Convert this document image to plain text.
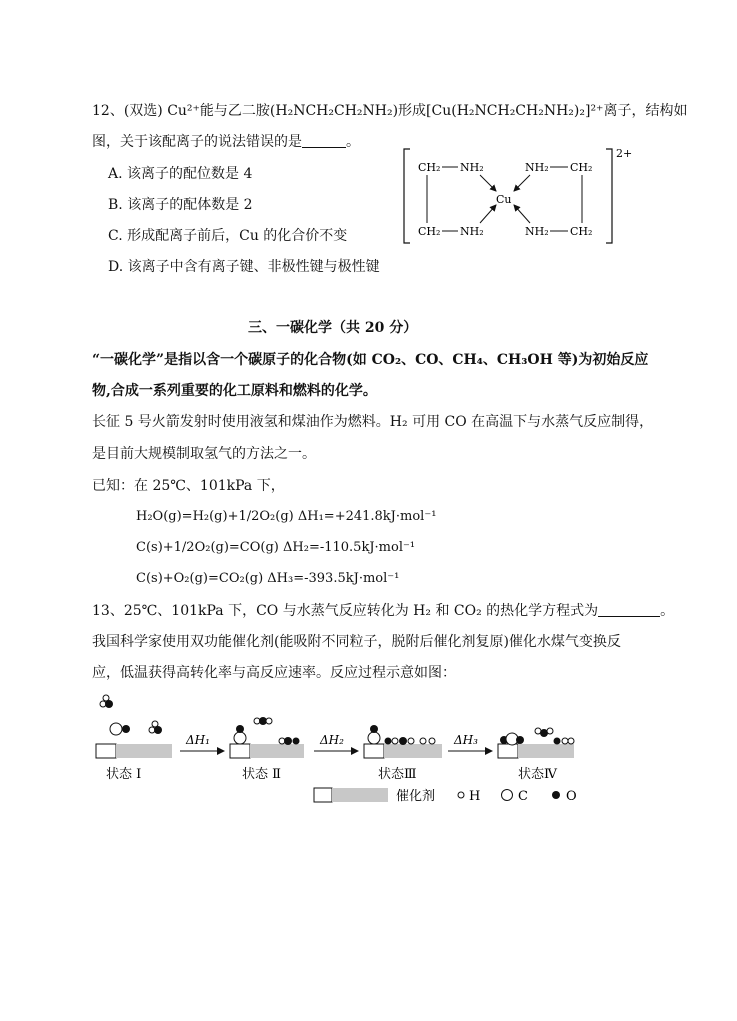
12、(双选) Cu²⁺能与乙二胺(H₂NCH₂CH₂NH₂)形成[Cu(H₂NCH₂CH₂NH₂)₂]²⁺离子，结构如
图，关于该配离子的说法错误的是	。
A. 该离子的配位数是 4
B. 该离子的配体数是 2
C. 形成配离子前后，Cu 的化合价不变
D. 该离子中含有离子键、非极性键与极性键
2+
CH₂ NH₂	NH₂ CH₂
Cu
CH₂ NH₂	NH₂ CH₂
三、一碳化学（共 20 分）
“一碳化学”是指以含一个碳原子的化合物(如 CO₂、CO、CH₄、CH₃OH 等)为初始反应
物,合成一系列重要的化工原料和燃料的化学。
长征 5 号火箭发射时使用液氢和煤油作为燃料。H₂ 可用 CO 在高温下与水蒸气反应制得，
是目前大规模制取氢气的方法之一。
已知：在 25℃、101kPa 下，
H₂O(g)=H₂(g)+1/2O₂(g) ΔH₁=+241.8kJ·mol⁻¹
C(s)+1/2O₂(g)=CO(g) ΔH₂=-110.5kJ·mol⁻¹
C(s)+O₂(g)=CO₂(g) ΔH₃=-393.5kJ·mol⁻¹
13、25℃、101kPa 下，CO 与水蒸气反应转化为 H₂ 和 CO₂ 的热化学方程式为	。
我国科学家使用双功能催化剂(能吸附不同粒子，脱附后催化剂复原)催化水煤气变换反
应，低温获得高转化率与高反应速率。反应过程示意如图：
状态 Ⅰ
ΔH₁
状态 Ⅱ
ΔH₂
状态Ⅲ
ΔH₃
状态Ⅳ
催化剂	H	C	O
